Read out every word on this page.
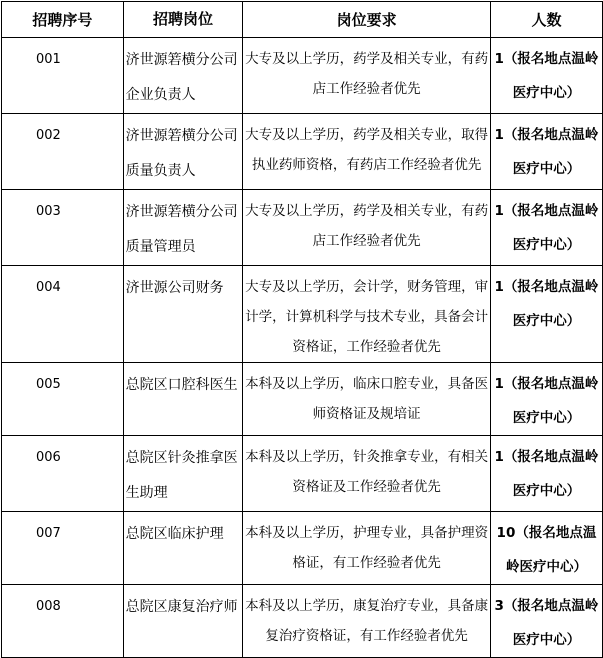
招聘序号	招聘岗位	岗位要求	人数
001	济世源箬横分公司企业负责人	大专及以上学历，药学及相关专业，有药店工作经验者优先	1（报名地点温岭医疗中心）
002	济世源箬横分公司质量负责人	大专及以上学历，药学及相关专业，取得执业药师资格，有药店工作经验者优先	1（报名地点温岭医疗中心）
003	济世源箬横分公司质量管理员	大专及以上学历，药学及相关专业，有药店工作经验者优先	1（报名地点温岭医疗中心）
004	济世源公司财务	大专及以上学历，会计学，财务管理，审计学，计算机科学与技术专业，具备会计资格证，工作经验者优先	1（报名地点温岭医疗中心）
005	总院区口腔科医生	本科及以上学历，临床口腔专业，具备医师资格证及规培证	1（报名地点温岭医疗中心）
006	总院区针灸推拿医生助理	本科及以上学历，针灸推拿专业，有相关资格证及工作经验者优先	1（报名地点温岭医疗中心）
007	总院区临床护理	本科及以上学历，护理专业，具备护理资格证，有工作经验者优先	10（报名地点温岭医疗中心）
008	总院区康复治疗师	本科及以上学历，康复治疗专业，具备康复治疗资格证，有工作经验者优先	3（报名地点温岭医疗中心）
